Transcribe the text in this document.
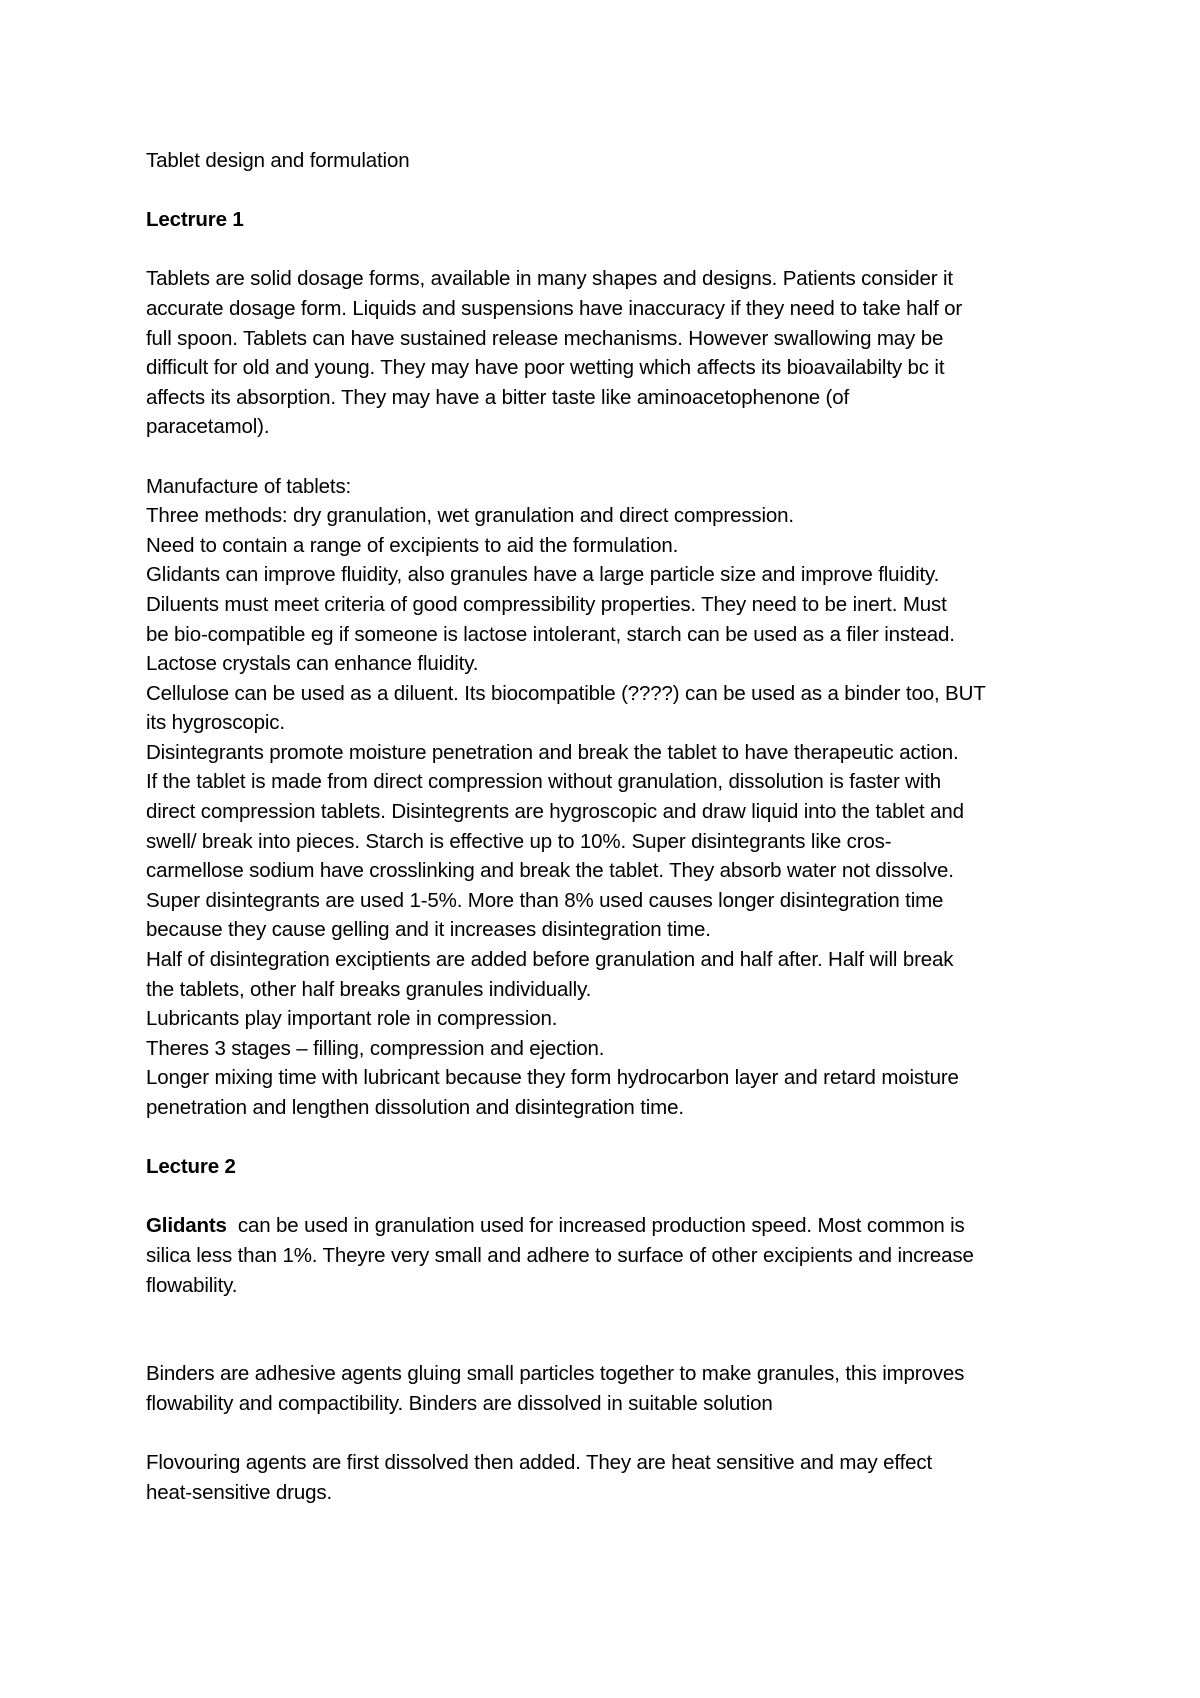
Tablet design and formulation
Lectrure 1
Tablets are solid dosage forms, available in many shapes and designs. Patients consider it
accurate dosage form. Liquids and suspensions have inaccuracy if they need to take half or
full spoon. Tablets can have sustained release mechanisms. However swallowing may be
difficult for old and young. They may have poor wetting which affects its bioavailabilty bc it
affects its absorption. They may have a bitter taste like aminoacetophenone (of
paracetamol).
Manufacture of tablets:
Three methods: dry granulation, wet granulation and direct compression.
Need to contain a range of excipients to aid the formulation.
Glidants can improve fluidity, also granules have a large particle size and improve fluidity.
Diluents must meet criteria of good compressibility properties. They need to be inert. Must
be bio-compatible eg if someone is lactose intolerant, starch can be used as a filer instead.
Lactose crystals can enhance fluidity.
Cellulose can be used as a diluent. Its biocompatible (????) can be used as a binder too, BUT
its hygroscopic.
Disintegrants promote moisture penetration and break the tablet to have therapeutic action.
If the tablet is made from direct compression without granulation, dissolution is faster with
direct compression tablets. Disintegrents are hygroscopic and draw liquid into the tablet and
swell/ break into pieces. Starch is effective up to 10%. Super disintegrants like cros-
carmellose sodium have crosslinking and break the tablet. They absorb water not dissolve.
Super disintegrants are used 1-5%. More than 8% used causes longer disintegration time
because they cause gelling and it increases disintegration time.
Half of disintegration exciptients are added before granulation and half after. Half will break
the tablets, other half breaks granules individually.
Lubricants play important role in compression.
Theres 3 stages – filling, compression and ejection.
Longer mixing time with lubricant because they form hydrocarbon layer and retard moisture
penetration and lengthen dissolution and disintegration time.
Lecture 2
Glidants  can be used in granulation used for increased production speed. Most common is
silica less than 1%. Theyre very small and adhere to surface of other excipients and increase
flowability.
Binders are adhesive agents gluing small particles together to make granules, this improves
flowability and compactibility. Binders are dissolved in suitable solution
Flovouring agents are first dissolved then added. They are heat sensitive and may effect
heat-sensitive drugs.
